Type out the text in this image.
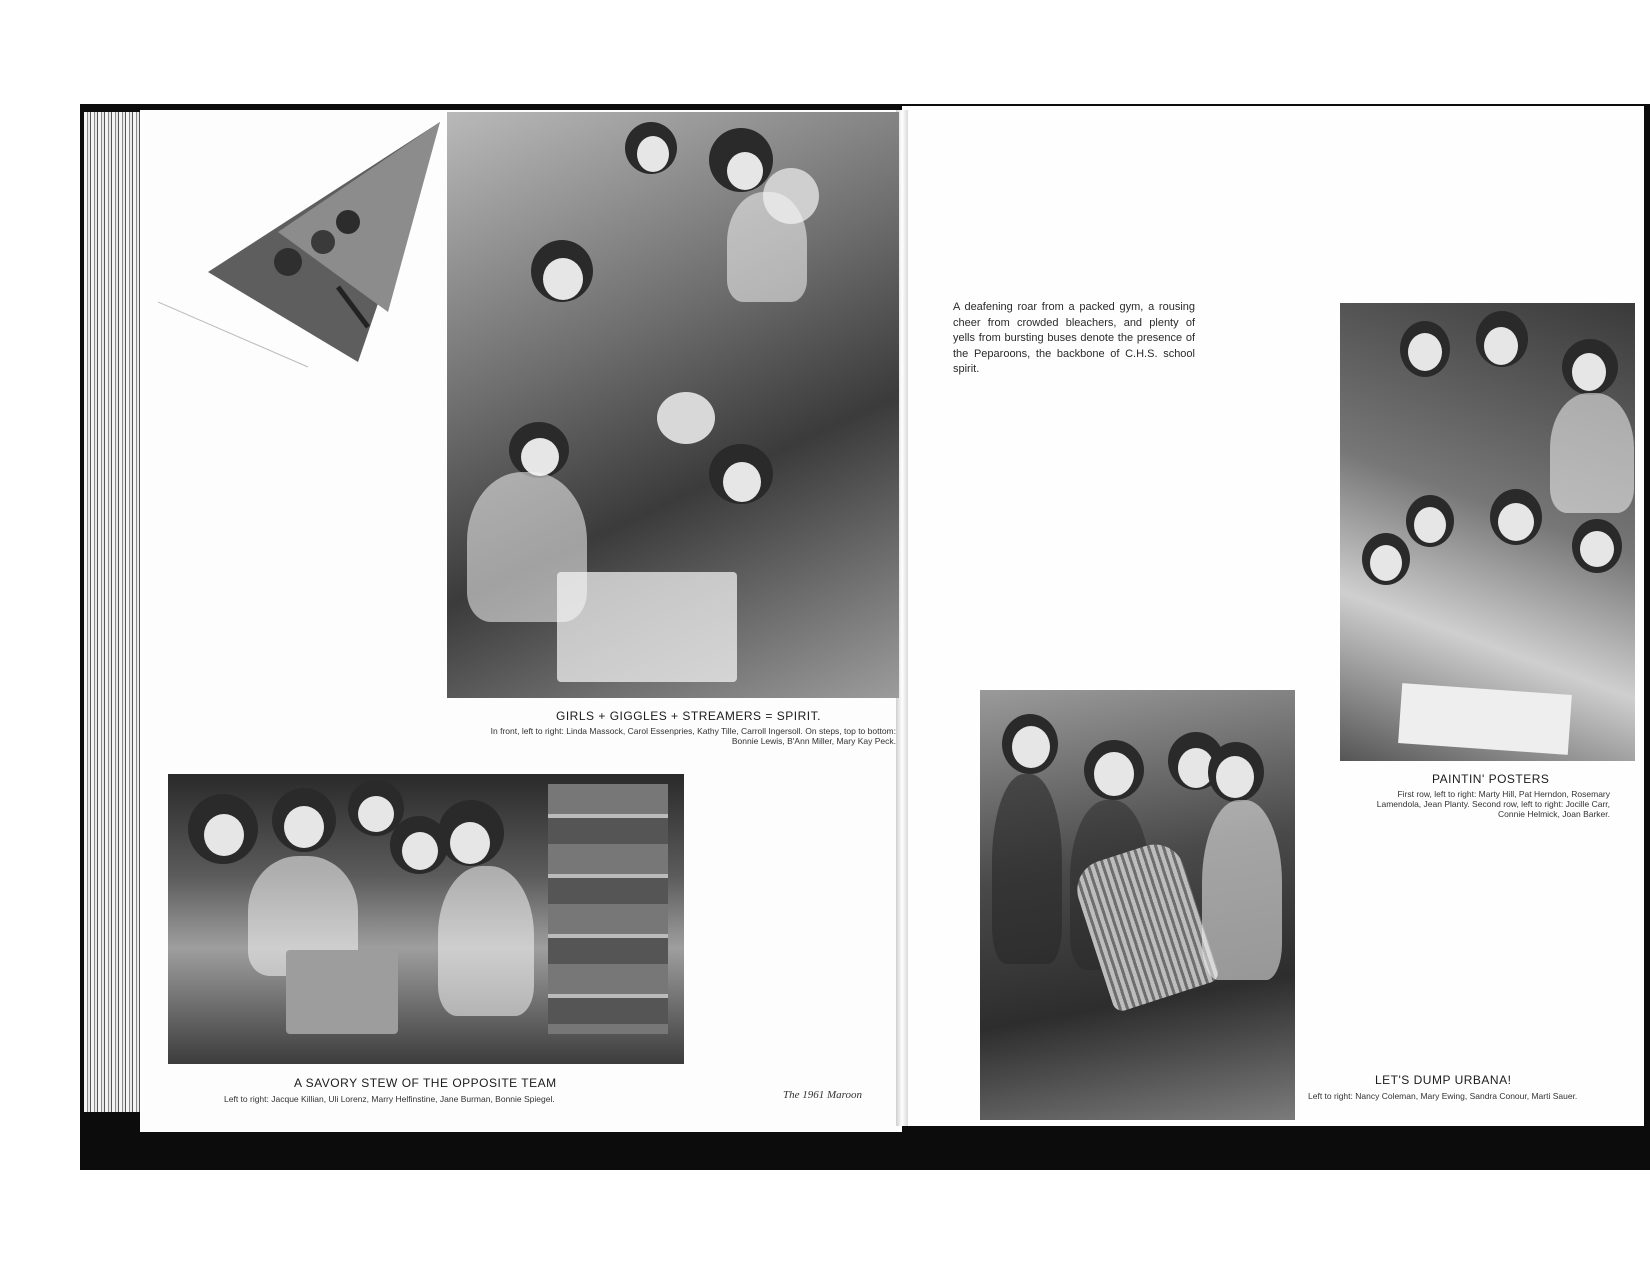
GIRLS + GIGGLES + STREAMERS = SPIRIT.
In front, left to right: Linda Massock, Carol Essenpries, Kathy Tille, Carroll Ingersoll. On steps, top to bottom: Bonnie Lewis, B'Ann Miller, Mary Kay Peck.
A SAVORY STEW OF THE OPPOSITE TEAM
Left to right: Jacque Killian, Uli Lorenz, Marry Helfinstine, Jane Burman, Bonnie Spiegel.	The 1961 Maroon
A deafening roar from a packed gym, a rousing cheer from crowded bleachers, and plenty of yells from bursting buses denote the presence of the Peparoons, the backbone of C.H.S. school spirit.
PAINTIN' POSTERS
First row, left to right: Marty Hill, Pat Herndon, Rosemary Lamendola, Jean Planty. Second row, left to right: Jocille Carr, Connie Helmick, Joan Barker.
LET'S DUMP URBANA!
Left to right: Nancy Coleman, Mary Ewing, Sandra Conour, Marti Sauer.
